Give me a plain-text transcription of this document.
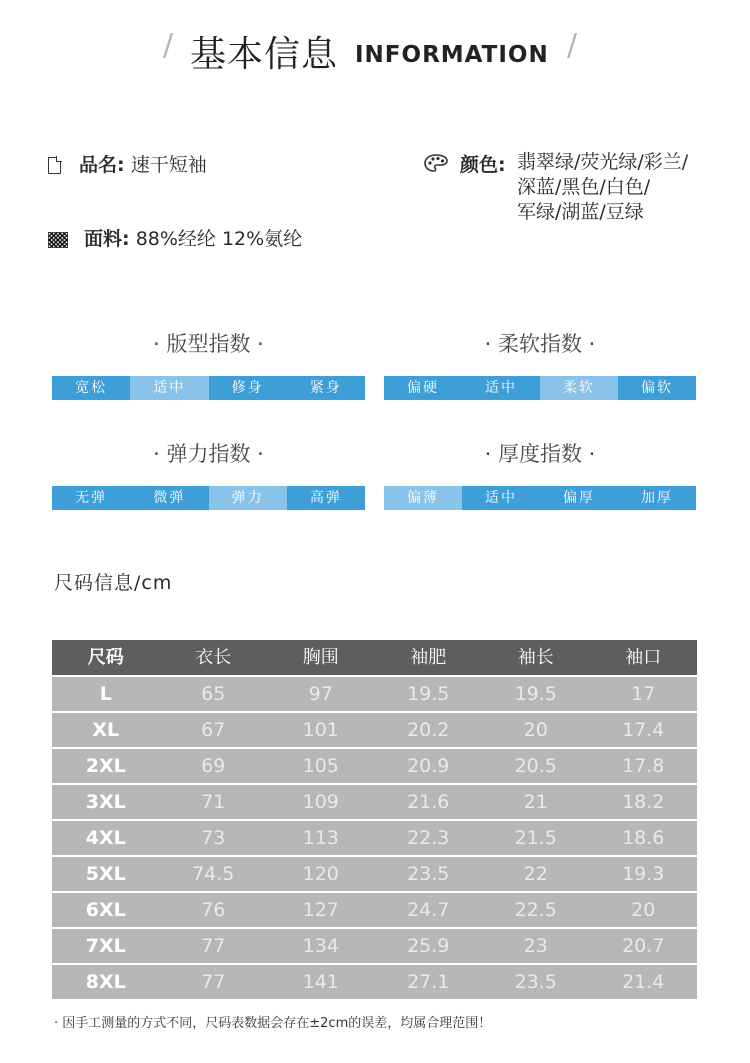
/ 基本信息 INFORMATION /
品名: 速干短袖	颜色: 翡翠绿/荧光绿/彩兰/
深蓝/黑色/白色/
军绿/湖蓝/豆绿
面料: 88%经纶 12%氨纶
· 版型指数 ·	· 柔软指数 ·
· 弹力指数 ·	· 厚度指数 ·
宽松	适中	修身	紧身	偏硬	适中	柔软	偏软
无弹	微弹	弹力	高弹	偏薄	适中	偏厚	加厚
尺码信息/cm
尺码	衣长	胸围	袖肥	袖长	袖口
L	65	97	19.5	19.5	17
XL	67	101	20.2	20	17.4
2XL	69	105	20.9	20.5	17.8
3XL	71	109	21.6	21	18.2
4XL	73	113	22.3	21.5	18.6
5XL	74.5	120	23.5	22	19.3
6XL	76	127	24.7	22.5	20
7XL	77	134	25.9	23	20.7
8XL	77	141	27.1	23.5	21.4
· 因手工测量的方式不同，尺码表数据会存在±2cm的误差，均属合理范围！
